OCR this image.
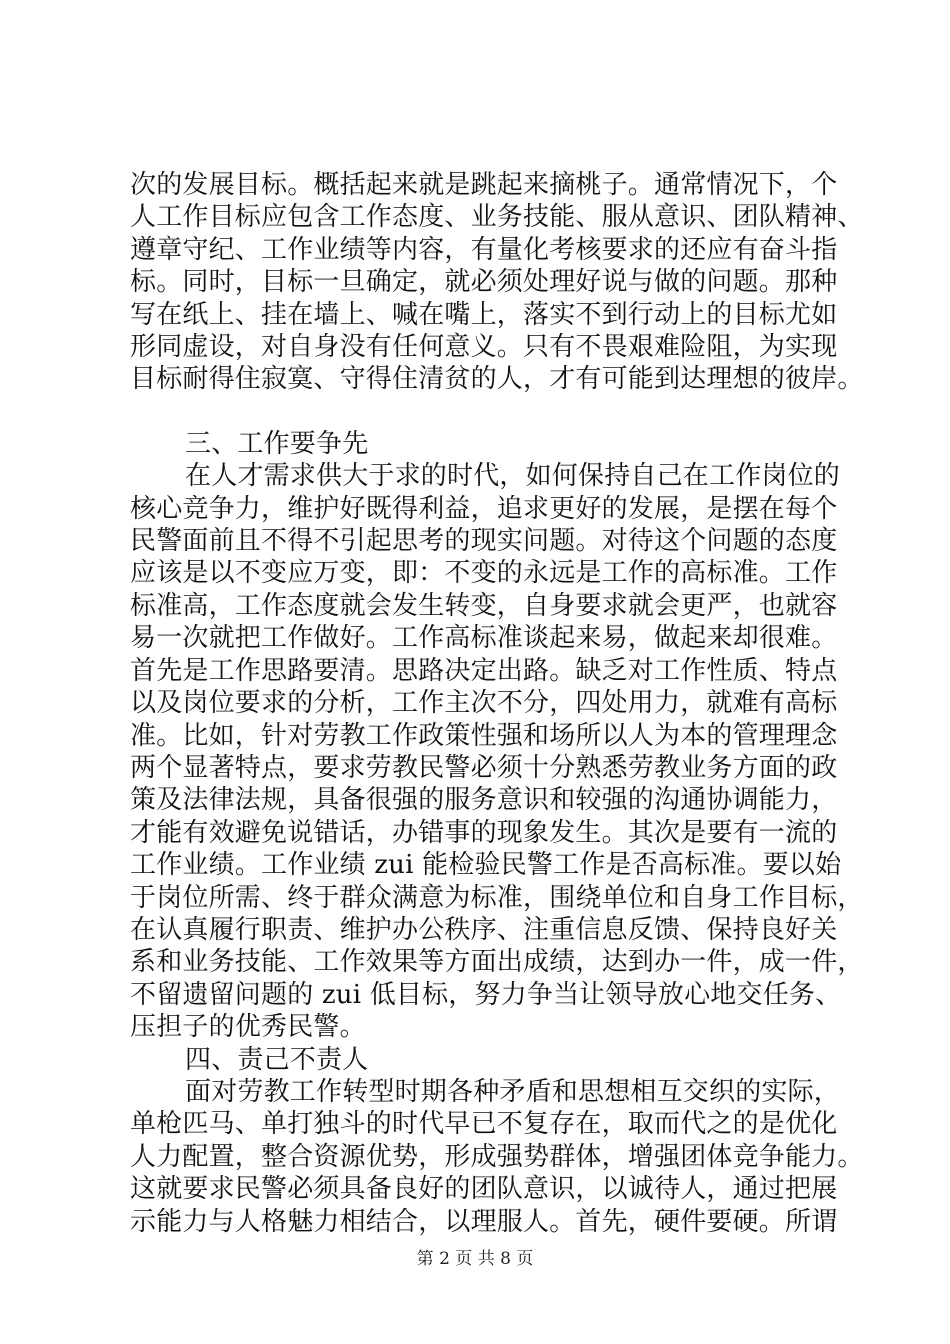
次的发展目标。概括起来就是跳起来摘桃子。通常情况下，个
人工作目标应包含工作态度、业务技能、服从意识、团队精神、
遵章守纪、工作业绩等内容，有量化考核要求的还应有奋斗指
标。同时，目标一旦确定，就必须处理好说与做的问题。那种
写在纸上、挂在墙上、喊在嘴上，落实不到行动上的目标尤如
形同虚设，对自身没有任何意义。只有不畏艰难险阻，为实现
目标耐得住寂寞、守得住清贫的人，才有可能到达理想的彼岸。
三、工作要争先
在人才需求供大于求的时代，如何保持自己在工作岗位的
核心竞争力，维护好既得利益，追求更好的发展，是摆在每个
民警面前且不得不引起思考的现实问题。对待这个问题的态度
应该是以不变应万变，即：不变的永远是工作的高标准。工作
标准高，工作态度就会发生转变，自身要求就会更严，也就容
易一次就把工作做好。工作高标准谈起来易，做起来却很难。
首先是工作思路要清。思路决定出路。缺乏对工作性质、特点
以及岗位要求的分析，工作主次不分，四处用力，就难有高标
准。比如，针对劳教工作政策性强和场所以人为本的管理理念
两个显著特点，要求劳教民警必须十分熟悉劳教业务方面的政
策及法律法规，具备很强的服务意识和较强的沟通协调能力，
才能有效避免说错话，办错事的现象发生。其次是要有一流的
工作业绩。工作业绩 zui 能检验民警工作是否高标准。要以始
于岗位所需、终于群众满意为标准，围绕单位和自身工作目标，
在认真履行职责、维护办公秩序、注重信息反馈、保持良好关
系和业务技能、工作效果等方面出成绩，达到办一件，成一件，
不留遗留问题的 zui 低目标，努力争当让领导放心地交任务、
压担子的优秀民警。
四、责己不责人
面对劳教工作转型时期各种矛盾和思想相互交织的实际，
单枪匹马、单打独斗的时代早已不复存在，取而代之的是优化
人力配置，整合资源优势，形成强势群体，增强团体竞争能力。
这就要求民警必须具备良好的团队意识，以诚待人，通过把展
示能力与人格魅力相结合，以理服人。首先，硬件要硬。所谓
第 2 页 共 8 页
